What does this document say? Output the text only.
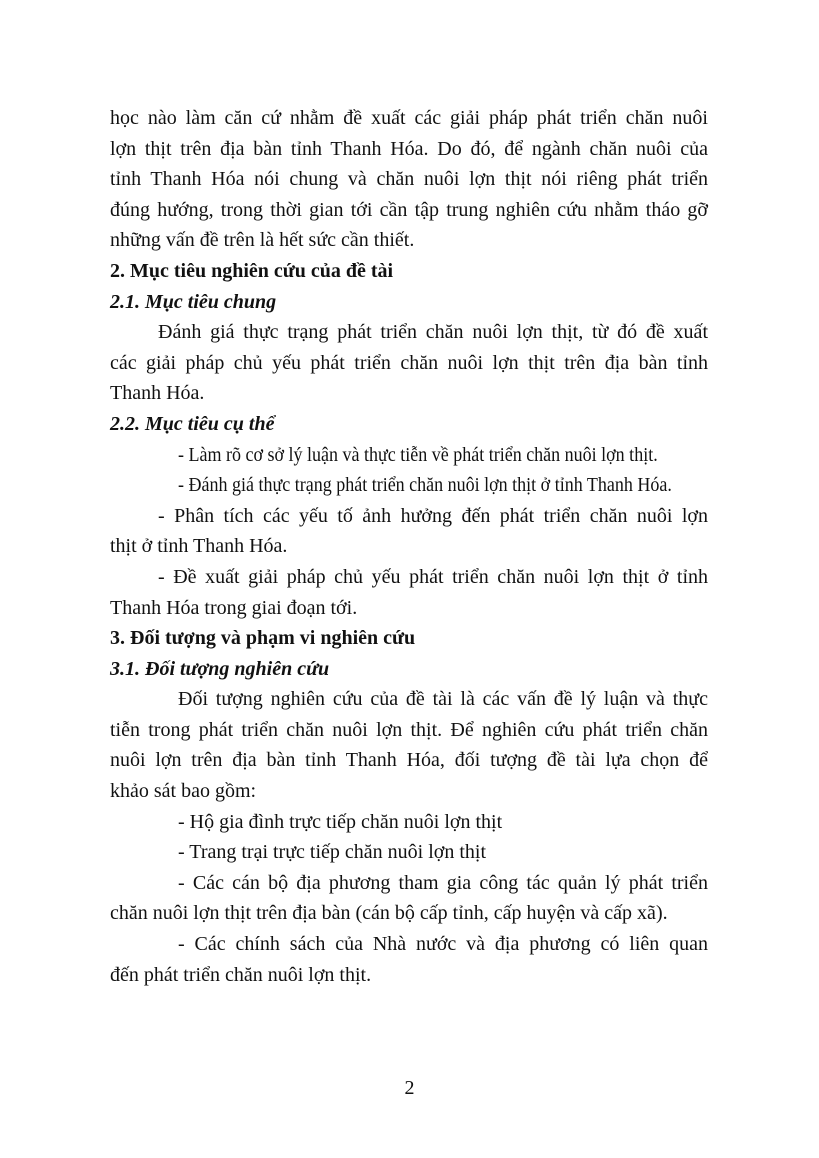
học nào làm căn cứ nhằm đề xuất các giải pháp phát triển chăn nuôi
lợn thịt trên địa bàn tỉnh Thanh Hóa. Do đó, để ngành chăn nuôi của
tỉnh Thanh Hóa nói chung và chăn nuôi lợn thịt nói riêng phát triển
đúng hướng, trong thời gian tới cần tập trung nghiên cứu nhằm tháo gỡ
những vấn đề trên là hết sức cần thiết.
2. Mục tiêu nghiên cứu của đề tài
2.1. Mục tiêu chung
Đánh giá thực trạng phát triển chăn nuôi lợn thịt, từ đó đề xuất
các giải pháp chủ yếu phát triển chăn nuôi lợn thịt trên địa bàn tỉnh
Thanh Hóa.
2.2. Mục tiêu cụ thể
- Làm rõ cơ sở lý luận và thực tiễn về phát triển chăn nuôi lợn thịt.
- Đánh giá thực trạng phát triển chăn nuôi lợn thịt ở tỉnh Thanh Hóa.
- Phân tích các yếu tố ảnh hưởng đến phát triển chăn nuôi lợn
thịt ở tỉnh Thanh Hóa.
- Đề xuất giải pháp chủ yếu phát triển chăn nuôi lợn thịt ở tỉnh
Thanh Hóa trong giai đoạn tới.
3. Đối tượng và phạm vi nghiên cứu
3.1. Đối tượng nghiên cứu
Đối tượng nghiên cứu của đề tài là các vấn đề lý luận và thực
tiễn trong phát triển chăn nuôi lợn thịt. Để nghiên cứu phát triển chăn
nuôi lợn trên địa bàn tỉnh Thanh Hóa, đối tượng đề tài lựa chọn để
khảo sát bao gồm:
- Hộ gia đình trực tiếp chăn nuôi lợn thịt
- Trang trại trực tiếp chăn nuôi lợn thịt
- Các cán bộ địa phương tham gia công tác quản lý phát triển
chăn nuôi lợn thịt trên địa bàn (cán bộ cấp tỉnh, cấp huyện và cấp xã).
- Các chính sách của Nhà nước và địa phương có liên quan
đến phát triển chăn nuôi lợn thịt.
2
